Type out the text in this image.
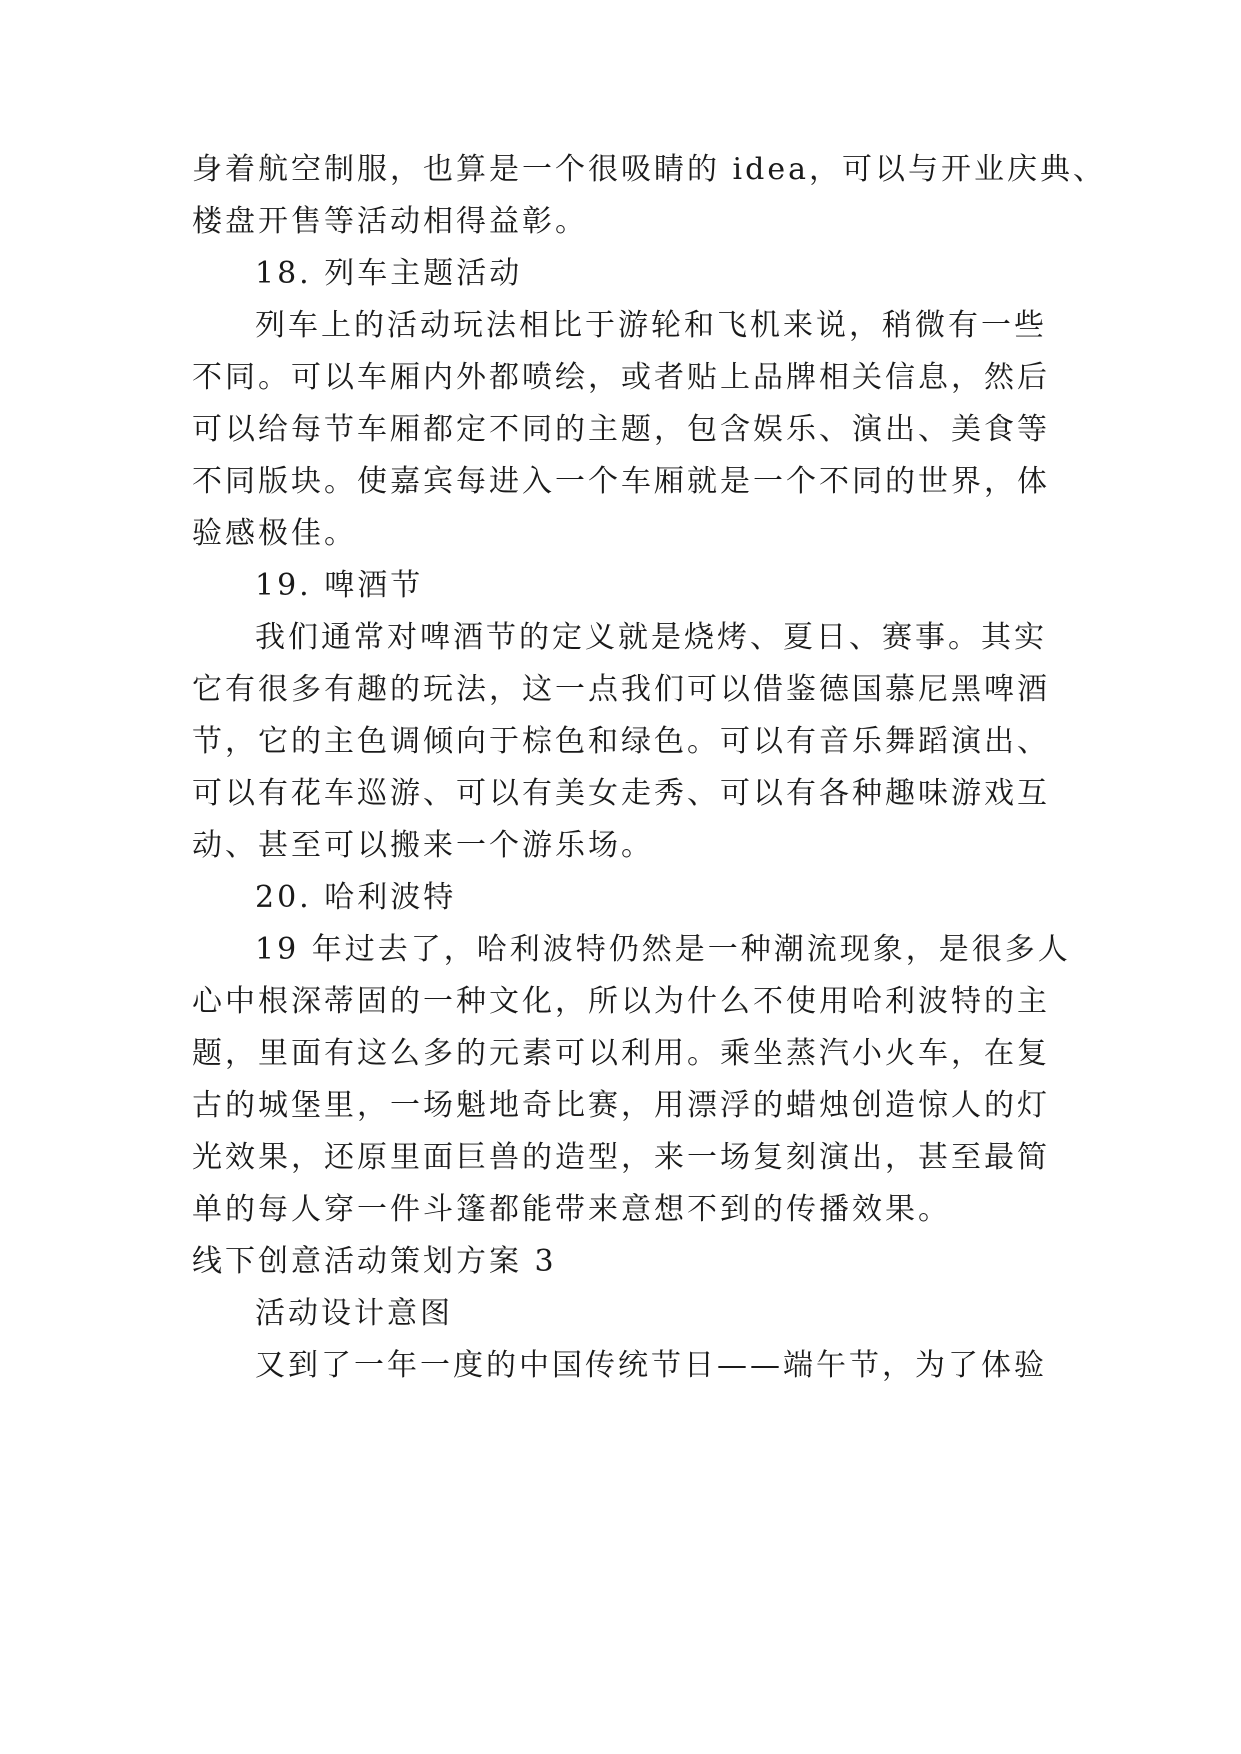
身着航空制服，也算是一个很吸睛的 idea，可以与开业庆典、
楼盘开售等活动相得益彰。
18. 列车主题活动
列车上的活动玩法相比于游轮和飞机来说，稍微有一些
不同。可以车厢内外都喷绘，或者贴上品牌相关信息，然后
可以给每节车厢都定不同的主题，包含娱乐、演出、美食等
不同版块。使嘉宾每进入一个车厢就是一个不同的世界，体
验感极佳。
19. 啤酒节
我们通常对啤酒节的定义就是烧烤、夏日、赛事。其实
它有很多有趣的玩法，这一点我们可以借鉴德国慕尼黑啤酒
节，它的主色调倾向于棕色和绿色。可以有音乐舞蹈演出、
可以有花车巡游、可以有美女走秀、可以有各种趣味游戏互
动、甚至可以搬来一个游乐场。
20. 哈利波特
19 年过去了，哈利波特仍然是一种潮流现象，是很多人
心中根深蒂固的一种文化，所以为什么不使用哈利波特的主
题，里面有这么多的元素可以利用。乘坐蒸汽小火车，在复
古的城堡里，一场魁地奇比赛，用漂浮的蜡烛创造惊人的灯
光效果，还原里面巨兽的造型，来一场复刻演出，甚至最简
单的每人穿一件斗篷都能带来意想不到的传播效果。
线下创意活动策划方案 3
活动设计意图
又到了一年一度的中国传统节日——端午节，为了体验
